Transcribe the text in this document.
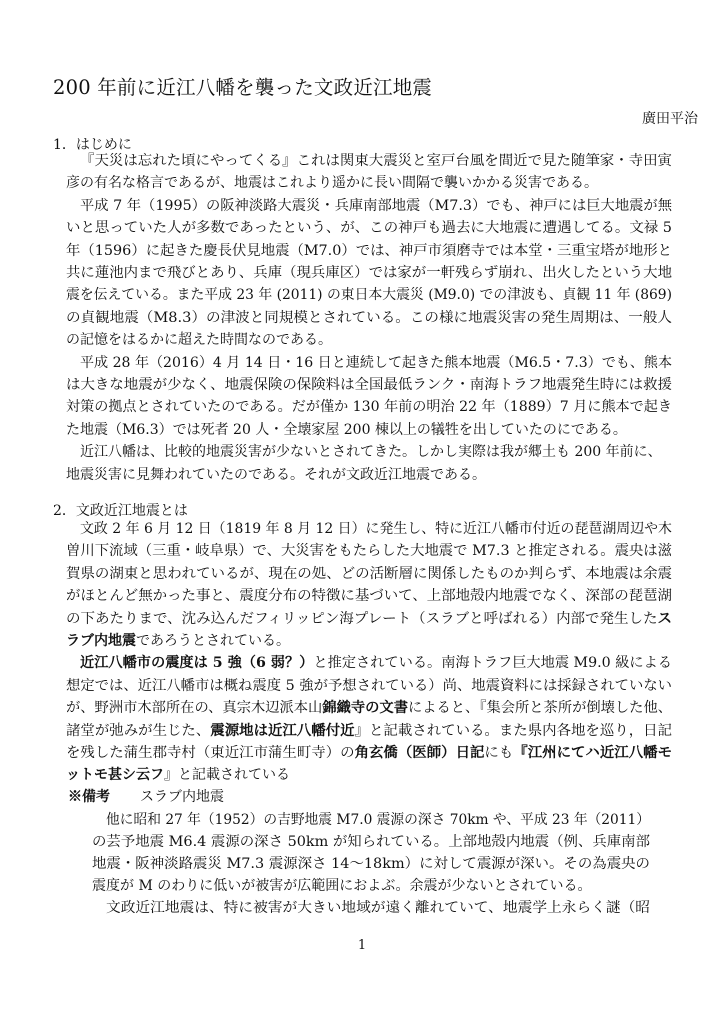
200 年前に近江八幡を襲った文政近江地震
廣田平治
1．はじめに
『天災は忘れた頃にやってくる』これは関東大震災と室戸台風を間近で見た随筆家・寺田寅
彦の有名な格言であるが、地震はこれより遥かに長い間隔で襲いかかる災害である。
平成 7 年（1995）の阪神淡路大震災・兵庫南部地震（M7.3）でも、神戸には巨大地震が無
いと思っていた人が多数であったという、が、この神戸も過去に大地震に遭遇してる。文禄 5
年（1596）に起きた慶長伏見地震（M7.0）では、神戸市須磨寺では本堂・三重宝塔が地形と
共に蓮池内まで飛びとあり、兵庫（現兵庫区）では家が一軒残らず崩れ、出火したという大地
震を伝えている。また平成 23 年 (2011) の東日本大震災 (M9.0) での津波も、貞観 11 年 (869)
の貞観地震（M8.3）の津波と同規模とされている。この様に地震災害の発生周期は、一般人
の記憶をはるかに超えた時間なのである。
平成 28 年（2016）4 月 14 日・16 日と連続して起きた熊本地震（M6.5・7.3）でも、熊本
は大きな地震が少なく、地震保険の保険料は全国最低ランク・南海トラフ地震発生時には救援
対策の拠点とされていたのである。だが僅か 130 年前の明治 22 年（1889）7 月に熊本で起き
た地震（M6.3）では死者 20 人・全壊家屋 200 棟以上の犠牲を出していたのにである。
近江八幡は、比較的地震災害が少ないとされてきた。しかし実際は我が郷土も 200 年前に、
地震災害に見舞われていたのである。それが文政近江地震である。
2．文政近江地震とは
文政 2 年 6 月 12 日（1819 年 8 月 12 日）に発生し、特に近江八幡市付近の琵琶湖周辺や木
曽川下流域（三重・岐阜県）で、大災害をもたらした大地震で M7.3 と推定される。震央は滋
賀県の湖東と思われているが、現在の処、どの活断層に関係したものか判らず、本地震は余震
がほとんど無かった事と、震度分布の特徴に基づいて、上部地殻内地震でなく、深部の琵琶湖
の下あたりまで、沈み込んだフィリッピン海プレート（スラブと呼ばれる）内部で発生したス
ラブ内地震であろうとされている。
近江八幡市の震度は 5 強（6 弱？）と推定されている。南海トラフ巨大地震 M9.0 級による
想定では、近江八幡市は概ね震度 5 強が予想されている）尚、地震資料には採録されていない
が、野洲市木部所在の、真宗木辺派本山錦織寺の文書によると、『集会所と茶所が倒壊した他、
諸堂が弛みが生じた、震源地は近江八幡付近』と記載されている。また県内各地を巡り，日記
を残した蒲生郡寺村（東近江市蒲生町寺）の角玄僑（医師）日記にも『江州にてハ近江八幡モ
ットモ甚シ云フ』と記載されている
※備考 スラブ内地震
他に昭和 27 年（1952）の吉野地震 M7.0 震源の深さ 70km や、平成 23 年（2011）
の芸予地震 M6.4 震源の深さ 50km が知られている。上部地殻内地震（例、兵庫南部
地震・阪神淡路震災 M7.3 震源深さ 14～18km）に対して震源が深い。その為震央の
震度が M のわりに低いが被害が広範囲におよぶ。余震が少ないとされている。
文政近江地震は、特に被害が大きい地域が遠く離れていて、地震学上永らく謎（昭
1
